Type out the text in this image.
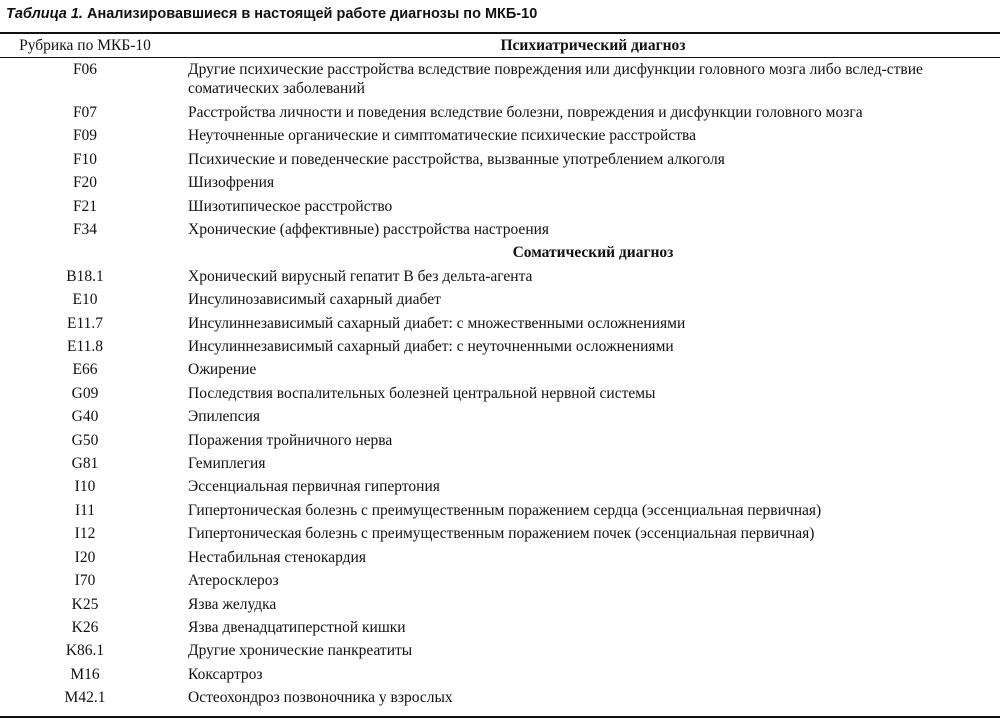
Таблица 1. Анализировавшиеся в настоящей работе диагнозы по МКБ-10
Рубрика по МКБ-10	Психиатрический диагноз
F06	Другие психические расстройства вследствие повреждения или дисфункции головного мозга либо вслед-ствие соматических заболеваний
F07	Расстройства личности и поведения вследствие болезни, повреждения и дисфункции головного мозга
F09	Неуточненные органические и симптоматические психические расстройства
F10	Психические и поведенческие расстройства, вызванные употреблением алкоголя
F20	Шизофрения
F21	Шизотипическое расстройство
F34	Хронические (аффективные) расстройства настроения
Соматический диагноз
B18.1	Хронический вирусный гепатит В без дельта-агента
E10	Инсулинозависимый сахарный диабет
E11.7	Инсулиннезависимый сахарный диабет: с множественными осложнениями
E11.8	Инсулиннезависимый сахарный диабет: с неуточненными осложнениями
E66	Ожирение
G09	Последствия воспалительных болезней центральной нервной системы
G40	Эпилепсия
G50	Поражения тройничного нерва
G81	Гемиплегия
I10	Эссенциальная первичная гипертония
I11	Гипертоническая болезнь с преимущественным поражением сердца (эссенциальная первичная)
I12	Гипертоническая болезнь с преимущественным поражением почек (эссенциальная первичная)
I20	Нестабильная стенокардия
I70	Атеросклероз
K25	Язва желудка
K26	Язва двенадцатиперстной кишки
K86.1	Другие хронические панкреатиты
M16	Коксартроз
M42.1	Остеохондроз позвоночника у взрослых
